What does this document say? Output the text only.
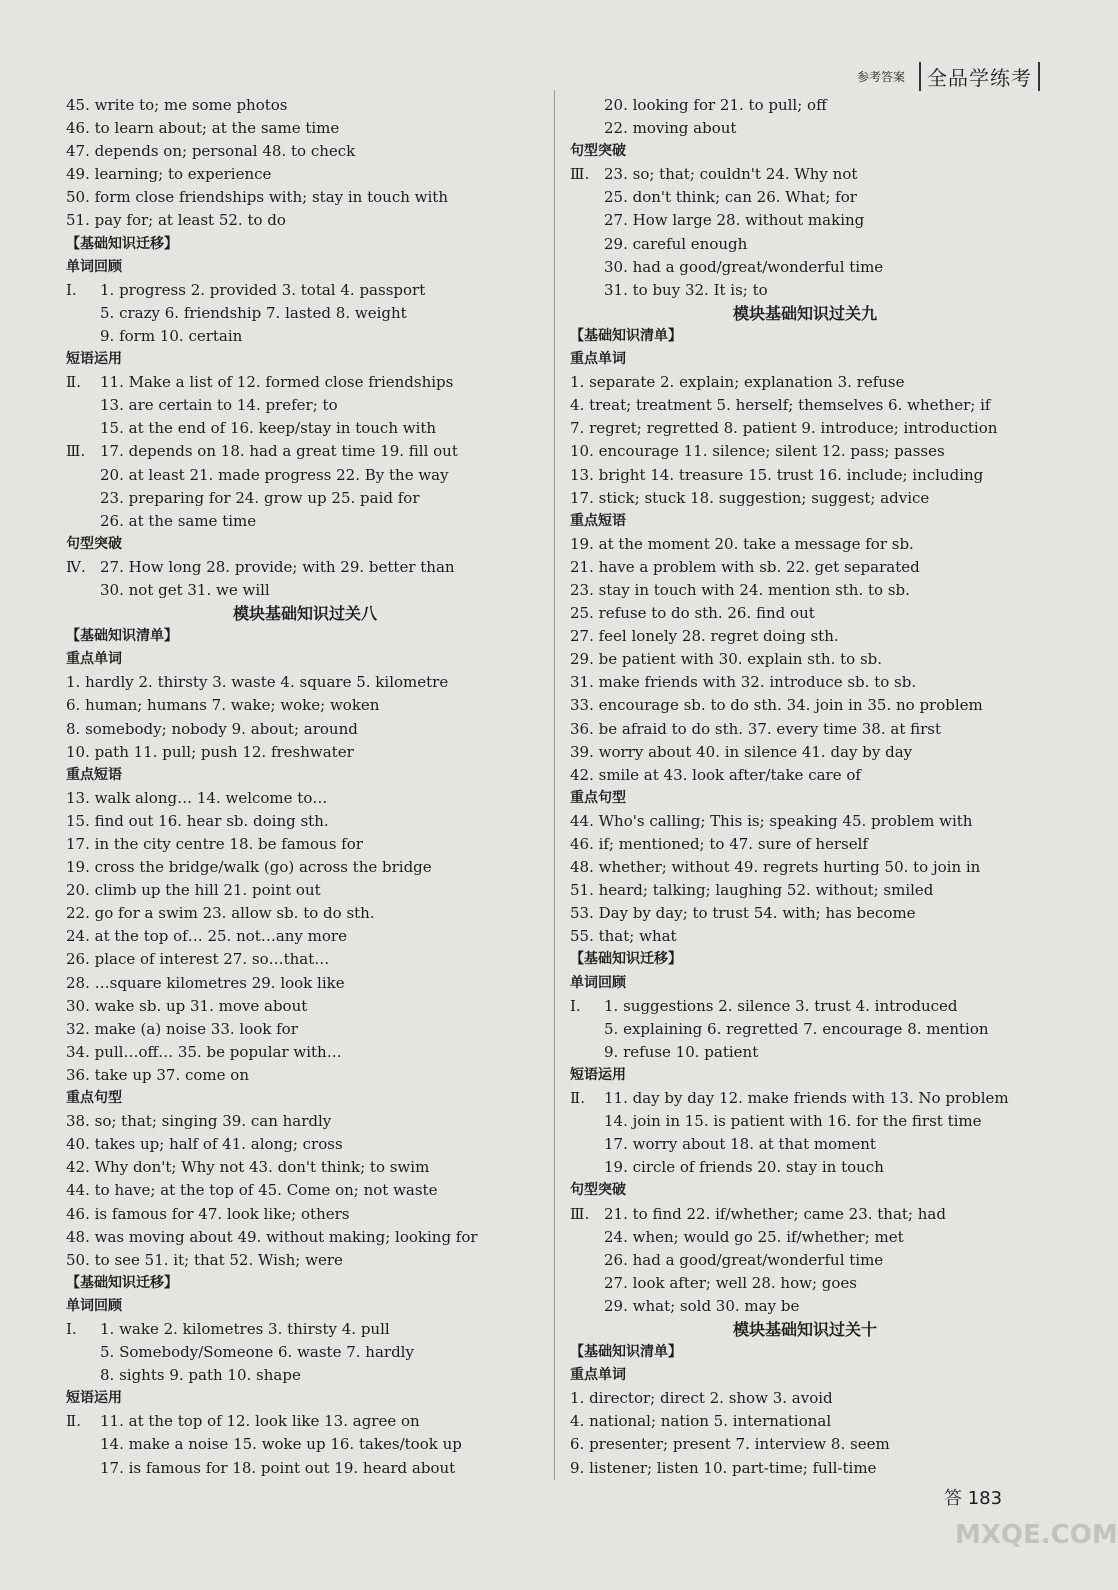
参考答案	全品学练考
45. write to; me some photos
46. to learn about; at the same time
47. depends on; personal 48. to check
49. learning; to experience
50. form close friendships with; stay in touch with
51. pay for; at least 52. to do
【基础知识迁移】
单词回顾
Ⅰ. 1. progress 2. provided 3. total 4. passport
5. crazy 6. friendship 7. lasted 8. weight
9. form 10. certain
短语运用
Ⅱ. 11. Make a list of 12. formed close friendships
13. are certain to 14. prefer; to
15. at the end of 16. keep/stay in touch with
Ⅲ. 17. depends on 18. had a great time 19. fill out
20. at least 21. made progress 22. By the way
23. preparing for 24. grow up 25. paid for
26. at the same time
句型突破
Ⅳ. 27. How long 28. provide; with 29. better than
30. not get 31. we will
模块基础知识过关八
【基础知识清单】
重点单词
1. hardly 2. thirsty 3. waste 4. square 5. kilometre
6. human; humans 7. wake; woke; woken
8. somebody; nobody 9. about; around
10. path 11. pull; push 12. freshwater
重点短语
13. walk along… 14. welcome to…
15. find out 16. hear sb. doing sth.
17. in the city centre 18. be famous for
19. cross the bridge/walk (go) across the bridge
20. climb up the hill 21. point out
22. go for a swim 23. allow sb. to do sth.
24. at the top of… 25. not…any more
26. place of interest 27. so…that…
28. …square kilometres 29. look like
30. wake sb. up 31. move about
32. make (a) noise 33. look for
34. pull…off… 35. be popular with…
36. take up 37. come on
重点句型
38. so; that; singing 39. can hardly
40. takes up; half of 41. along; cross
42. Why don't; Why not 43. don't think; to swim
44. to have; at the top of 45. Come on; not waste
46. is famous for 47. look like; others
48. was moving about 49. without making; looking for
50. to see 51. it; that 52. Wish; were
【基础知识迁移】
单词回顾
Ⅰ. 1. wake 2. kilometres 3. thirsty 4. pull
5. Somebody/Someone 6. waste 7. hardly
8. sights 9. path 10. shape
短语运用
Ⅱ. 11. at the top of 12. look like 13. agree on
14. make a noise 15. woke up 16. takes/took up
17. is famous for 18. point out 19. heard about
20. looking for 21. to pull; off
22. moving about
句型突破
Ⅲ. 23. so; that; couldn't 24. Why not
25. don't think; can 26. What; for
27. How large 28. without making
29. careful enough
30. had a good/great/wonderful time
31. to buy 32. It is; to
模块基础知识过关九
【基础知识清单】
重点单词
1. separate 2. explain; explanation 3. refuse
4. treat; treatment 5. herself; themselves 6. whether; if
7. regret; regretted 8. patient 9. introduce; introduction
10. encourage 11. silence; silent 12. pass; passes
13. bright 14. treasure 15. trust 16. include; including
17. stick; stuck 18. suggestion; suggest; advice
重点短语
19. at the moment 20. take a message for sb.
21. have a problem with sb. 22. get separated
23. stay in touch with 24. mention sth. to sb.
25. refuse to do sth. 26. find out
27. feel lonely 28. regret doing sth.
29. be patient with 30. explain sth. to sb.
31. make friends with 32. introduce sb. to sb.
33. encourage sb. to do sth. 34. join in 35. no problem
36. be afraid to do sth. 37. every time 38. at first
39. worry about 40. in silence 41. day by day
42. smile at 43. look after/take care of
重点句型
44. Who's calling; This is; speaking 45. problem with
46. if; mentioned; to 47. sure of herself
48. whether; without 49. regrets hurting 50. to join in
51. heard; talking; laughing 52. without; smiled
53. Day by day; to trust 54. with; has become
55. that; what
【基础知识迁移】
单词回顾
Ⅰ. 1. suggestions 2. silence 3. trust 4. introduced
5. explaining 6. regretted 7. encourage 8. mention
9. refuse 10. patient
短语运用
Ⅱ. 11. day by day 12. make friends with 13. No problem
14. join in 15. is patient with 16. for the first time
17. worry about 18. at that moment
19. circle of friends 20. stay in touch
句型突破
Ⅲ. 21. to find 22. if/whether; came 23. that; had
24. when; would go 25. if/whether; met
26. had a good/great/wonderful time
27. look after; well 28. how; goes
29. what; sold 30. may be
模块基础知识过关十
【基础知识清单】
重点单词
1. director; direct 2. show 3. avoid
4. national; nation 5. international
6. presenter; present 7. interview 8. seem
9. listener; listen 10. part-time; full-time
答 183
MXQE.COM
